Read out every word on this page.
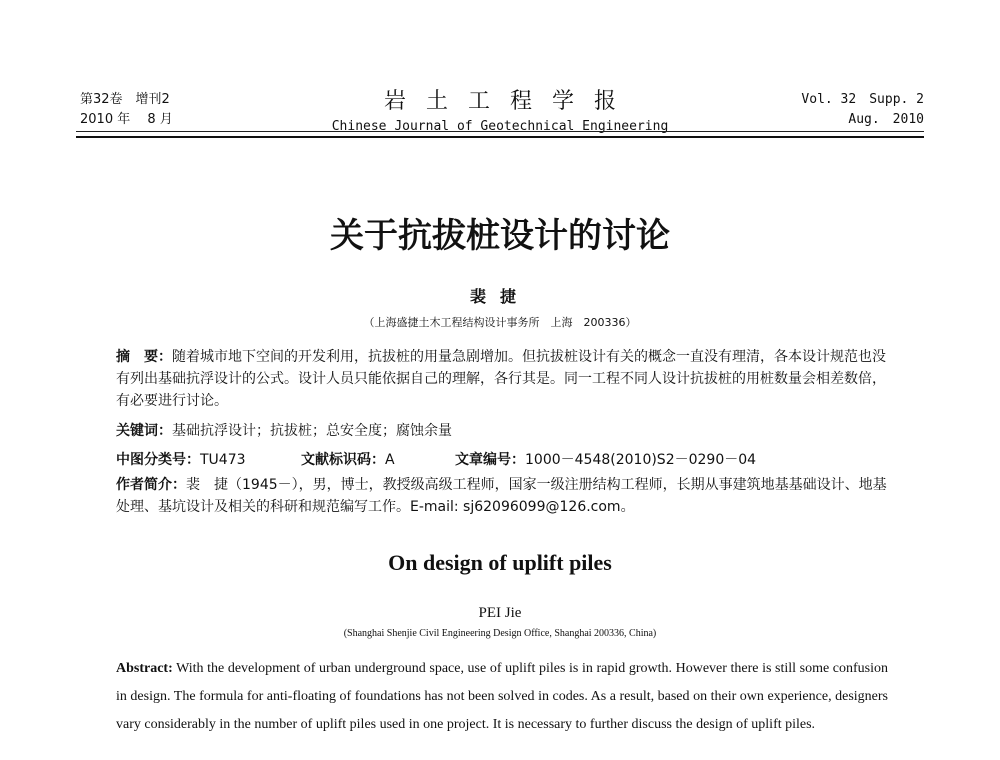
第32卷　增刊2
2010 年　 8 月
岩土工程学报
Chinese Journal of Geotechnical Engineering
Vol. 32　Supp. 2
Aug.　2010
关于抗拔桩设计的讨论
裴捷
（上海盛捷土木工程结构设计事务所　上海　200336）
摘　要：随着城市地下空间的开发利用，抗拔桩的用量急剧增加。但抗拔桩设计有关的概念一直没有理清，各本设计规范也没有列出基础抗浮设计的公式。设计人员只能依据自己的理解，各行其是。同一工程不同人设计抗拔桩的用桩数量会相差数倍，有必要进行讨论。
关键词：基础抗浮设计；抗拔桩；总安全度；腐蚀余量
中图分类号：TU473	文献标识码：A	文章编号：1000－4548(2010)S2－0290－04
作者简介：裴　捷（1945－），男，博士，教授级高级工程师，国家一级注册结构工程师，长期从事建筑地基基础设计、地基处理、基坑设计及相关的科研和规范编写工作。E-mail: sj62096099@126.com。
On design of uplift piles
PEI Jie
(Shanghai Shenjie Civil Engineering Design Office, Shanghai 200336, China)
Abstract: With the development of urban underground space, use of uplift piles is in rapid growth. However there is still some confusion in design. The formula for anti-floating of foundations has not been solved in codes. As a result, based on their own experience, designers vary considerably in the number of uplift piles used in one project. It is necessary to further discuss the design of uplift piles.
